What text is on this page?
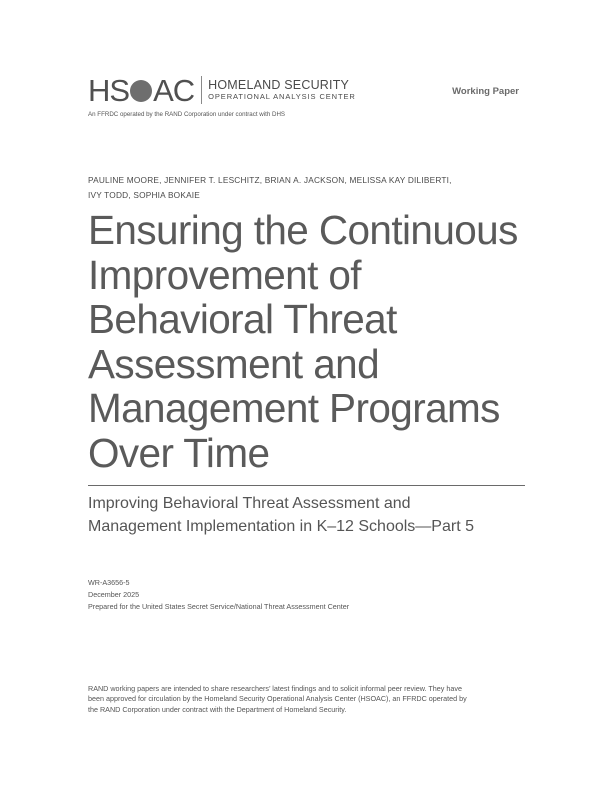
HS AC HOMELAND SECURITY
OPERATIONAL ANALYSIS CENTER
An FFRDC operated by the RAND Corporation under contract with DHS
Working Paper
PAULINE MOORE, JENNIFER T. LESCHITZ, BRIAN A. JACKSON, MELISSA KAY DILIBERTI,
IVY TODD, SOPHIA BOKAIE
Ensuring the Continuous
Improvement of
Behavioral Threat
Assessment and
Management Programs
Over Time
Improving Behavioral Threat Assessment and
Management Implementation in K–12 Schools—Part 5
WR-A3656-5
December 2025
Prepared for the United States Secret Service/National Threat Assessment Center
RAND working papers are intended to share researchers’ latest findings and to solicit informal peer review. They have
been approved for circulation by the Homeland Security Operational Analysis Center (HSOAC), an FFRDC operated by
the RAND Corporation under contract with the Department of Homeland Security.
